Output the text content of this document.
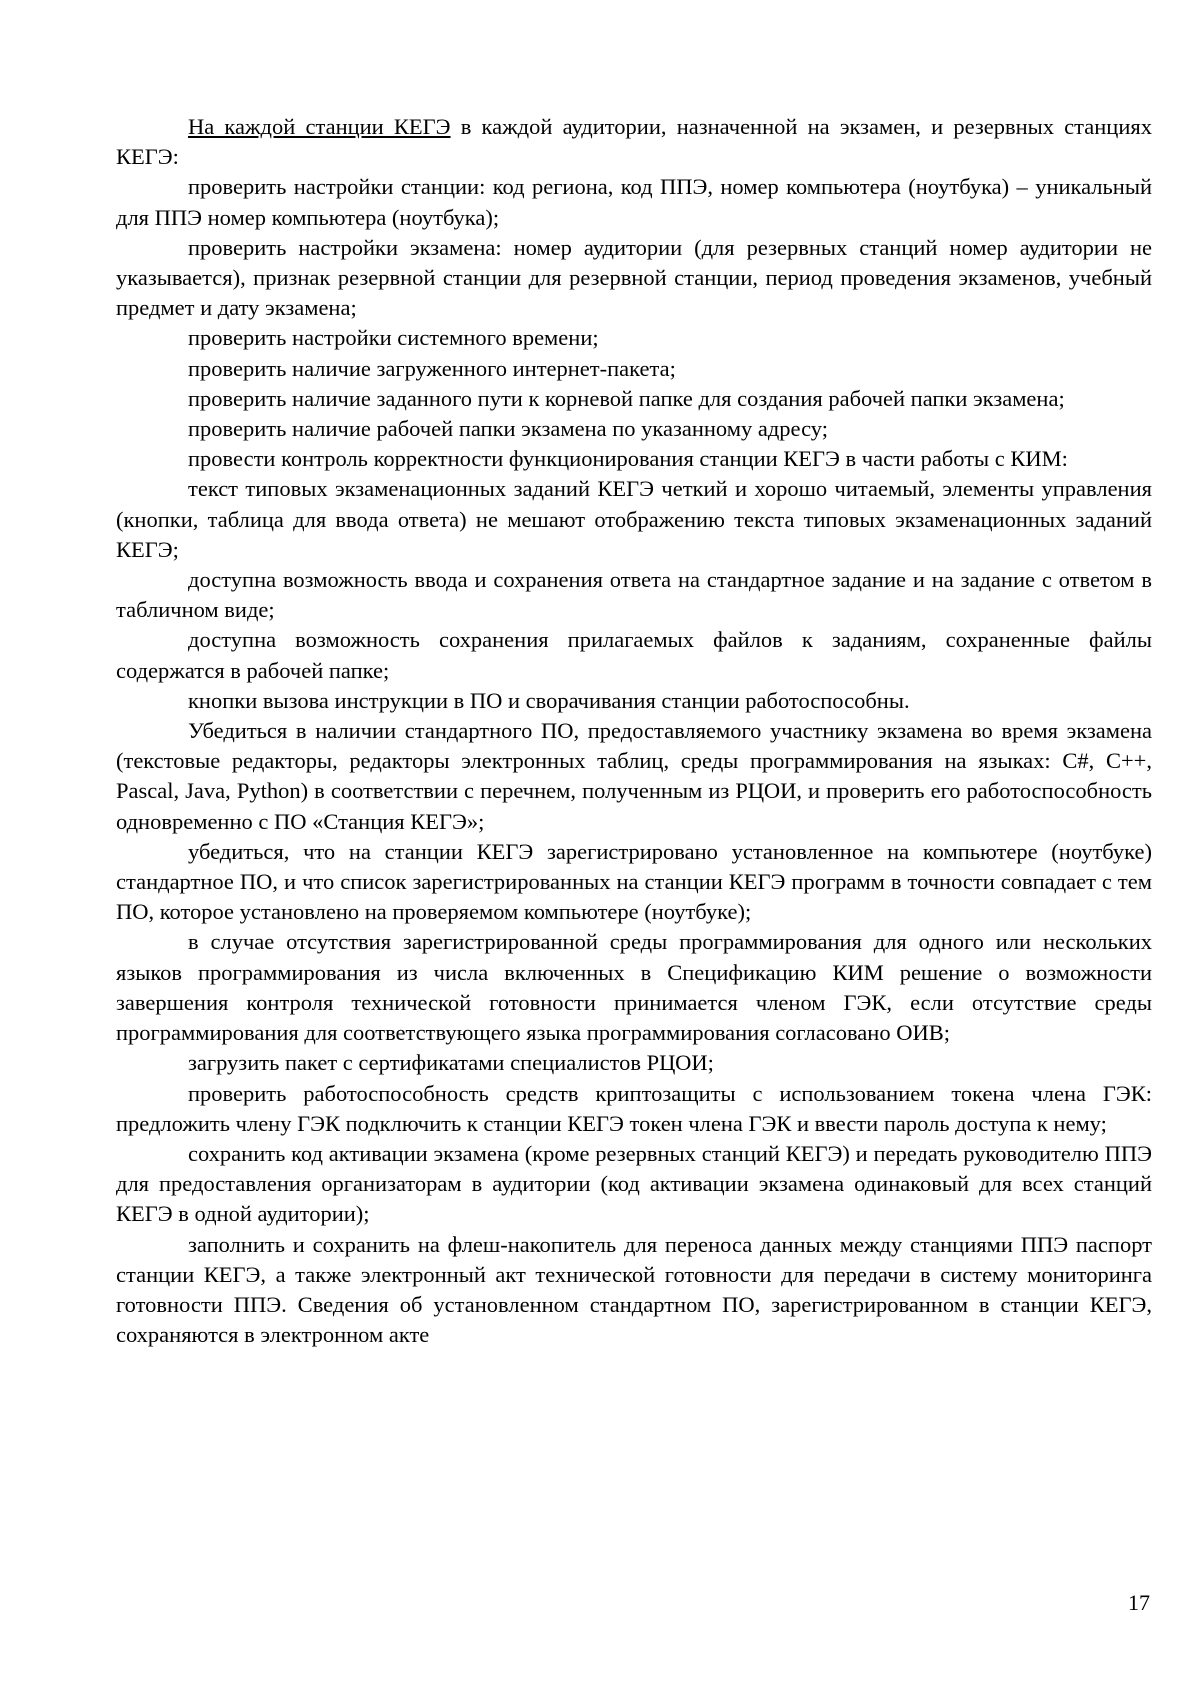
На каждой станции КЕГЭ в каждой аудитории, назначенной на экзамен, и резервных станциях КЕГЭ:

проверить настройки станции: код региона, код ППЭ, номер компьютера (ноутбука) – уникальный для ППЭ номер компьютера (ноутбука);

проверить настройки экзамена: номер аудитории (для резервных станций номер аудитории не указывается), признак резервной станции для резервной станции, период проведения экзаменов, учебный предмет и дату экзамена;

проверить настройки системного времени;

проверить наличие загруженного интернет-пакета;

проверить наличие заданного пути к корневой папке для создания рабочей папки экзамена;

проверить наличие рабочей папки экзамена по указанному адресу;

провести контроль корректности функционирования станции КЕГЭ в части работы с КИМ:

текст типовых экзаменационных заданий КЕГЭ четкий и хорошо читаемый, элементы управления (кнопки, таблица для ввода ответа) не мешают отображению текста типовых экзаменационных заданий КЕГЭ;

доступна возможность ввода и сохранения ответа на стандартное задание и на задание с ответом в табличном виде;

доступна возможность сохранения прилагаемых файлов к заданиям, сохраненные файлы содержатся в рабочей папке;

кнопки вызова инструкции в ПО и сворачивания станции работоспособны.

Убедиться в наличии стандартного ПО, предоставляемого участнику экзамена во время экзамена (текстовые редакторы, редакторы электронных таблиц, среды программирования на языках: C#, C++, Pascal, Java, Python) в соответствии с перечнем, полученным из РЦОИ, и проверить его работоспособность одновременно с ПО «Станция КЕГЭ»;

убедиться, что на станции КЕГЭ зарегистрировано установленное на компьютере (ноутбуке) стандартное ПО, и что список зарегистрированных на станции КЕГЭ программ в точности совпадает с тем ПО, которое установлено на проверяемом компьютере (ноутбуке);

в случае отсутствия зарегистрированной среды программирования для одного или нескольких языков программирования из числа включенных в Спецификацию КИМ решение о возможности завершения контроля технической готовности принимается членом ГЭК, если отсутствие среды программирования для соответствующего языка программирования согласовано ОИВ;

загрузить пакет с сертификатами специалистов РЦОИ;

проверить работоспособность средств криптозащиты с использованием токена члена ГЭК: предложить члену ГЭК подключить к станции КЕГЭ токен члена ГЭК и ввести пароль доступа к нему;

сохранить код активации экзамена (кроме резервных станций КЕГЭ) и передать руководителю ППЭ для предоставления организаторам в аудитории (код активации экзамена одинаковый для всех станций КЕГЭ в одной аудитории);

заполнить и сохранить на флеш-накопитель для переноса данных между станциями ППЭ паспорт станции КЕГЭ, а также электронный акт технической готовности для передачи в систему мониторинга готовности ППЭ. Сведения об установленном стандартном ПО, зарегистрированном в станции КЕГЭ, сохраняются в электронном акте

17
